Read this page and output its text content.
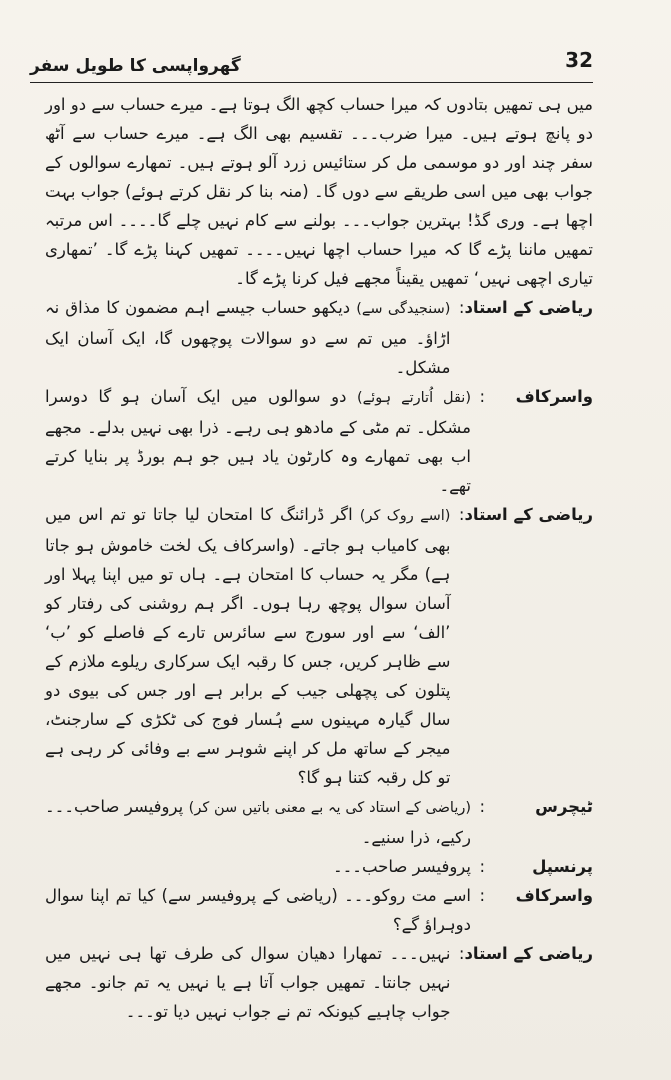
32
گھرواپسی کا طویل سفر

میں ہی تمھیں بتادوں کہ میرا حساب کچھ الگ ہوتا ہے۔ میرے حساب سے دو اور دو پانچ ہوتے ہیں۔ میرا ضرب۔۔۔ تقسیم بھی الگ ہے۔ میرے حساب سے آٹھ سفر چند اور دو موسمی مل کر ستائیس زرد آلو ہوتے ہیں۔ تمھارے سوالوں کے جواب بھی میں اسی طریقے سے دوں گا۔ (منہ بنا کر نقل کرتے ہوئے) جواب بہت اچھا ہے۔ وری گڈ! بہترین جواب۔۔۔ بولنے سے کام نہیں چلے گا۔۔۔۔ اس مرتبہ تمھیں ماننا پڑے گا کہ میرا حساب اچھا نہیں۔۔۔۔ تمھیں کہنا پڑے گا۔ ’تمھاری تیاری اچھی نہیں‘ تمھیں یقیناً مجھے فیل کرنا پڑے گا۔

ریاضی کے استاد
:
(سنجیدگی سے) دیکھو حساب جیسے اہم مضمون کا مذاق نہ اڑاؤ۔ میں تم سے دو سوالات پوچھوں گا، ایک آسان ایک مشکل۔
واسرکاف
:
(نقل اُتارتے ہوئے) دو سوالوں میں ایک آسان ہو گا دوسرا مشکل۔ تم مٹی کے مادھو ہی رہے۔ ذرا بھی نہیں بدلے۔ مجھے اب بھی تمھارے وہ کارٹون یاد ہیں جو ہم بورڈ پر بنایا کرتے تھے۔
ریاضی کے استاد
:
(اسے روک کر) اگر ڈرائنگ کا امتحان لیا جاتا تو تم اس میں بھی کامیاب ہو جاتے۔ (واسرکاف یک لخت خاموش ہو جاتا ہے) مگر یہ حساب کا امتحان ہے۔ ہاں تو میں اپنا پہلا اور آسان سوال پوچھ رہا ہوں۔ اگر ہم روشنی کی رفتار کو ’الف‘ سے اور سورج سے سائرس تارے کے فاصلے کو ’ب‘ سے ظاہر کریں، جس کا رقبہ ایک سرکاری ریلوے ملازم کے پتلون کی پچھلی جیب کے برابر ہے اور جس کی بیوی دو سال گیارہ مہینوں سے ہُسار فوج کی ٹکڑی کے سارجنٹ، میجر کے ساتھ مل کر اپنے شوہر سے بے وفائی کر رہی ہے تو کل رقبہ کتنا ہو گا؟
ٹیچرس
:
(ریاضی کے استاد کی یہ بے معنی باتیں سن کر) پروفیسر صاحب۔۔۔ رکیے، ذرا سنیے۔
پرنسپل
:
پروفیسر صاحب۔۔۔
واسرکاف
:
اسے مت روکو۔۔۔ (ریاضی کے پروفیسر سے) کیا تم اپنا سوال دوہراؤ گے؟
ریاضی کے استاد
:
نہیں۔۔۔ تمھارا دھیان سوال کی طرف تھا ہی نہیں میں نہیں جانتا۔ تمھیں جواب آتا ہے یا نہیں یہ تم جانو۔ مجھے جواب چاہیے کیونکہ تم نے جواب نہیں دیا تو۔۔۔
